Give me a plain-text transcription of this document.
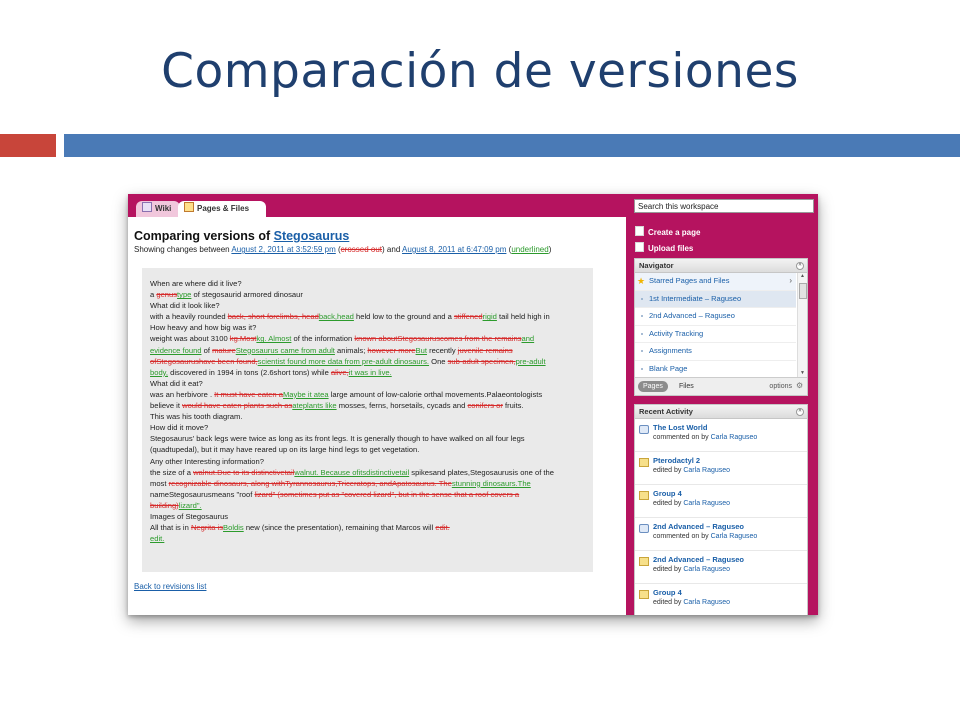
Comparación de versiones
Wiki	Pages & Files
Comparing versions of Stegosaurus
Showing changes between August 2, 2011 at 3:52:59 pm (crossed out) and August 8, 2011 at 6:47:09 pm (underlined)
When are where did it live?
a genustype of stegosaurid armored dinosaur
What did it look like?
with a heavily rounded back, short forelimbs, headback,head held low to the ground and a stiffenedrigid tail held high in
How heavy and how big was it?
weight was about 3100 kg.Mostkg. Almost of the information known aboutStegosauruscomes from the remainsand
evidence found of matureStegosaurus came from adult animals; however moreBut recently juvenile remains
ofStegosaurushave been found,scientist found more data from pre-adult dinosaurs. One sub-adult specimen,pre-adult
body, discovered in 1994 in tons (2.6short tons) while alive,it was in live.
What did it eat?
was an herbivore . It must have eaten aMaybe it atea large amount of low-calorie orthal movements.Palaeontologists
believe it would have eaten plants such asateplants like mosses, ferns, horsetails, cycads and conifers or fruits.
This was his tooth diagram.
How did it move?
Stegosaurus' back legs were twice as long as its front legs. It is generally though to have walked on all four legs
(quadtupedal), but it may have reared up on its large hind legs to get vegetation.
Any other Interesting information?
the size of a walnut.Due to its distinctivetailwalnut. Because ofitsdistinctivetail spikesand plates,Stegosaurusis one of the
most recognizable dinosaurs, along withTyrannosaurus,Triceratops, andApatosaurus. Thestunning dinosaurs.The
nameStegosaurusmeans "roof lizard" (sometimes put as "covered lizard", but in the sense that a roof covers a
building)lizard".
Images of Stegosaurus
All that is in Negrita isBoldis new (since the presentation), remaining that Marcos will edit.
edit.
Back to revisions list
Search this workspace
Create a page
Upload files
Navigator	^
★	›
Starred Pages and Files
1st Intermediate – Raguseo
2nd Advanced – Raguseo
Activity Tracking
Assignments
Blank Page
▲
▼
Pages	Files	options ⚙
Recent Activity	^
The Lost World
commented on by Carla Raguseo
Pterodactyl 2
edited by Carla Raguseo
Group 4
edited by Carla Raguseo
2nd Advanced – Raguseo
commented on by Carla Raguseo
2nd Advanced – Raguseo
edited by Carla Raguseo
Group 4
edited by Carla Raguseo
